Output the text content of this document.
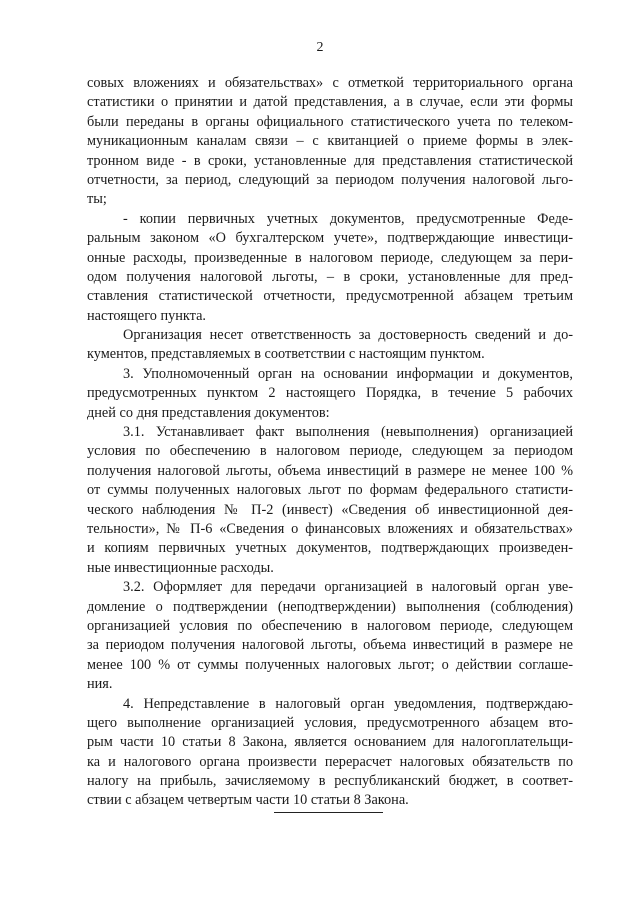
2
совых вложениях и обязательствах» с отметкой территориального органа
статистики о принятии и датой представления, а в случае, если эти формы
были переданы в органы официального статистического учета по телеком-
муникационным каналам связи – с квитанцией о приеме формы в элек-
тронном виде - в сроки, установленные для представления статистической
отчетности, за период, следующий за периодом получения налоговой льго-
ты;
- копии первичных учетных документов, предусмотренные Феде-
ральным законом «О бухгалтерском учете», подтверждающие инвестици-
онные расходы, произведенные в налоговом периоде, следующем за пери-
одом получения налоговой льготы, – в сроки, установленные для пред-
ставления статистической отчетности, предусмотренной абзацем третьим
настоящего пункта.
Организация несет ответственность за достоверность сведений и до-
кументов, представляемых в соответствии с настоящим пунктом.
3. Уполномоченный орган на основании информации и документов,
предусмотренных пунктом 2 настоящего Порядка, в течение 5 рабочих
дней со дня представления документов:
3.1. Устанавливает факт выполнения (невыполнения) организацией
условия по обеспечению в налоговом периоде, следующем за периодом
получения налоговой льготы, объема инвестиций в размере не менее 100 %
от суммы полученных налоговых льгот по формам федерального статисти-
ческого наблюдения № П-2 (инвест) «Сведения об инвестиционной дея-
тельности», № П-6 «Сведения о финансовых вложениях и обязательствах»
и копиям первичных учетных документов, подтверждающих произведен-
ные инвестиционные расходы.
3.2. Оформляет для передачи организацией в налоговый орган уве-
домление о подтверждении (неподтверждении) выполнения (соблюдения)
организацией условия по обеспечению в налоговом периоде, следующем
за периодом получения налоговой льготы, объема инвестиций в размере не
менее 100 % от суммы полученных налоговых льгот; о действии соглаше-
ния.
4. Непредставление в налоговый орган уведомления, подтверждаю-
щего выполнение организацией условия, предусмотренного абзацем вто-
рым части 10 статьи 8 Закона, является основанием для налогоплательщи-
ка и налогового органа произвести перерасчет налоговых обязательств по
налогу на прибыль, зачисляемому в республиканский бюджет, в соответ-
ствии с абзацем четвертым части 10 статьи 8 Закона.
